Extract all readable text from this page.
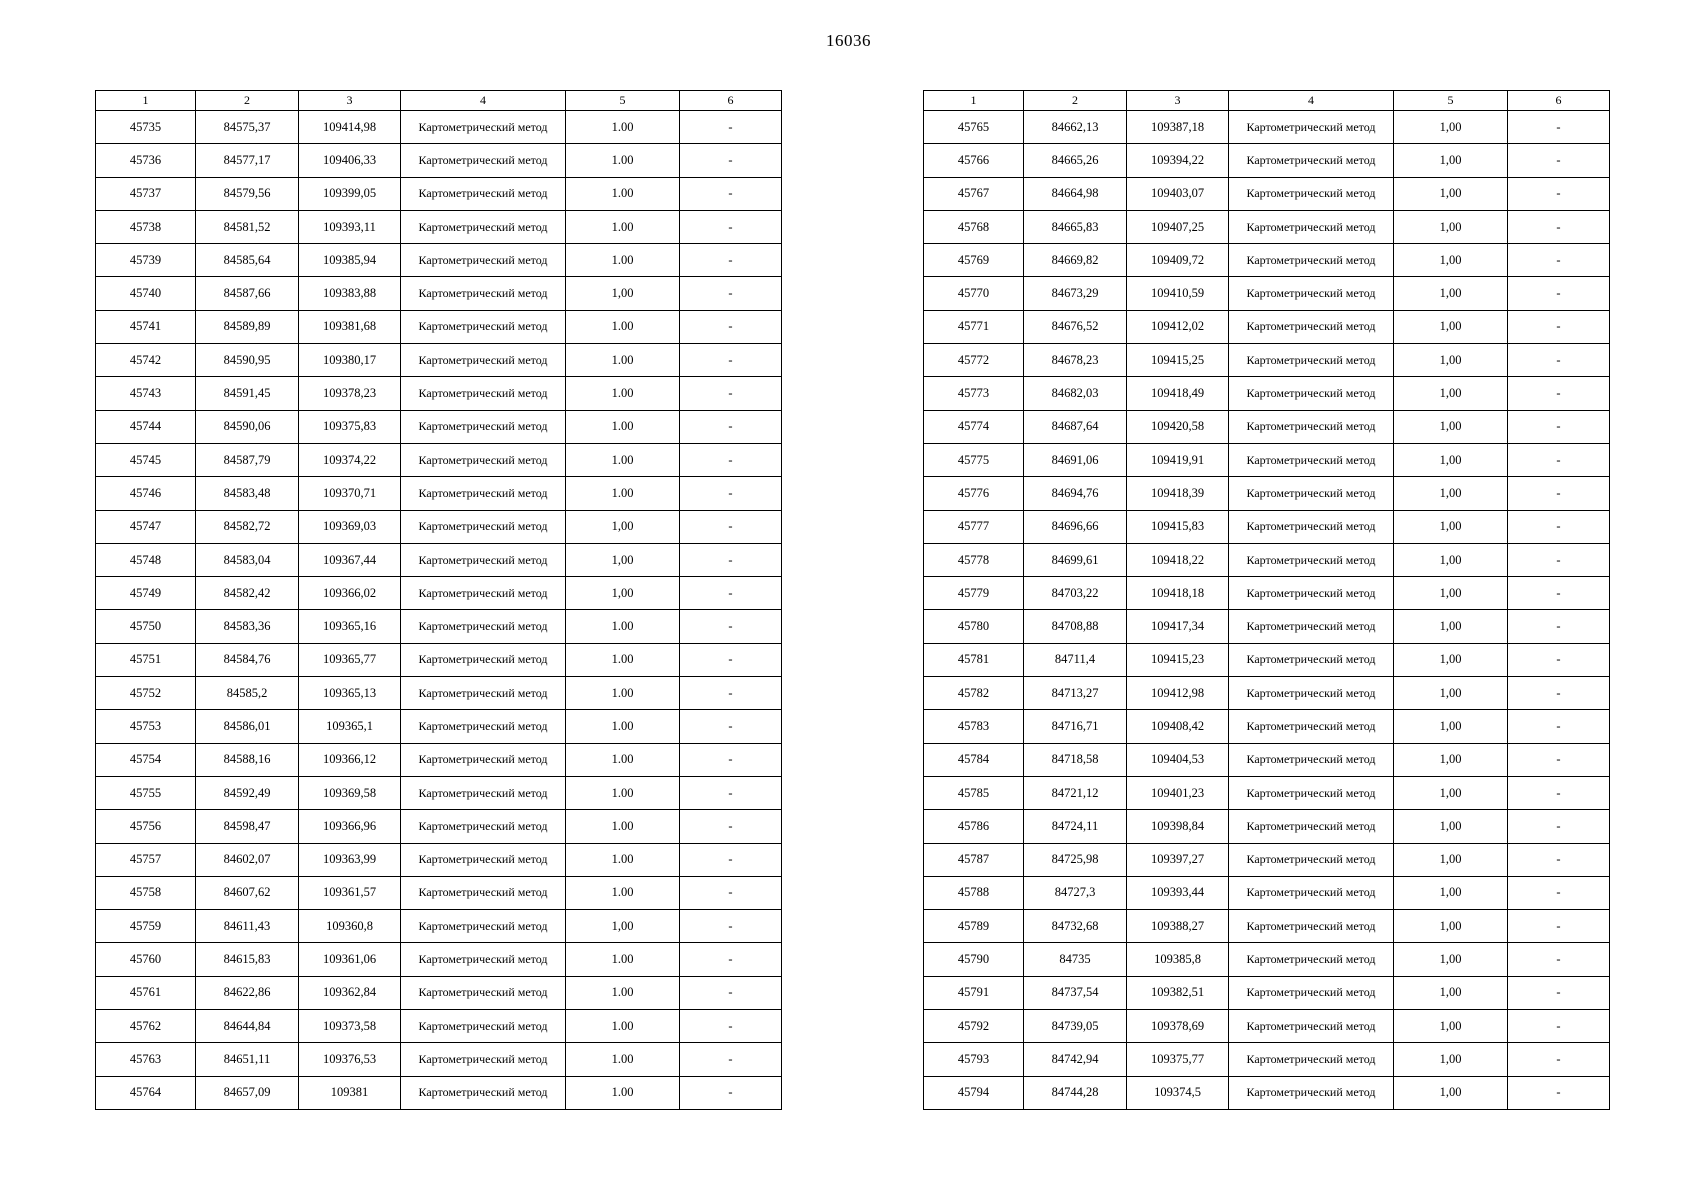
16036
1	2	3	4	5	6
45735	84575,37	109414,98	Картометрический метод	1.00	-
45736	84577,17	109406,33	Картометрический метод	1.00	-
45737	84579,56	109399,05	Картометрический метод	1.00	-
45738	84581,52	109393,11	Картометрический метод	1.00	-
45739	84585,64	109385,94	Картометрический метод	1.00	-
45740	84587,66	109383,88	Картометрический метод	1,00	-
45741	84589,89	109381,68	Картометрический метод	1.00	-
45742	84590,95	109380,17	Картометрический метод	1.00	-
45743	84591,45	109378,23	Картометрический метод	1.00	-
45744	84590,06	109375,83	Картометрический метод	1.00	-
45745	84587,79	109374,22	Картометрический метод	1.00	-
45746	84583,48	109370,71	Картометрический метод	1.00	-
45747	84582,72	109369,03	Картометрический метод	1,00	-
45748	84583,04	109367,44	Картометрический метод	1,00	-
45749	84582,42	109366,02	Картометрический метод	1,00	-
45750	84583,36	109365,16	Картометрический метод	1.00	-
45751	84584,76	109365,77	Картометрический метод	1.00	-
45752	84585,2	109365,13	Картометрический метод	1.00	-
45753	84586,01	109365,1	Картометрический метод	1.00	-
45754	84588,16	109366,12	Картометрический метод	1.00	-
45755	84592,49	109369,58	Картометрический метод	1.00	-
45756	84598,47	109366,96	Картометрический метод	1.00	-
45757	84602,07	109363,99	Картометрический метод	1.00	-
45758	84607,62	109361,57	Картометрический метод	1.00	-
45759	84611,43	109360,8	Картометрический метод	1,00	-
45760	84615,83	109361,06	Картометрический метод	1.00	-
45761	84622,86	109362,84	Картометрический метод	1.00	-
45762	84644,84	109373,58	Картометрический метод	1.00	-
45763	84651,11	109376,53	Картометрический метод	1.00	-
45764	84657,09	109381	Картометрический метод	1.00	-
1	2	3	4	5	6
45765	84662,13	109387,18	Картометрический метод	1,00	-
45766	84665,26	109394,22	Картометрический метод	1,00	-
45767	84664,98	109403,07	Картометрический метод	1,00	-
45768	84665,83	109407,25	Картометрический метод	1,00	-
45769	84669,82	109409,72	Картометрический метод	1,00	-
45770	84673,29	109410,59	Картометрический метод	1,00	-
45771	84676,52	109412,02	Картометрический метод	1,00	-
45772	84678,23	109415,25	Картометрический метод	1,00	-
45773	84682,03	109418,49	Картометрический метод	1,00	-
45774	84687,64	109420,58	Картометрический метод	1,00	-
45775	84691,06	109419,91	Картометрический метод	1,00	-
45776	84694,76	109418,39	Картометрический метод	1,00	-
45777	84696,66	109415,83	Картометрический метод	1,00	-
45778	84699,61	109418,22	Картометрический метод	1,00	-
45779	84703,22	109418,18	Картометрический метод	1,00	-
45780	84708,88	109417,34	Картометрический метод	1,00	-
45781	84711,4	109415,23	Картометрический метод	1,00	-
45782	84713,27	109412,98	Картометрический метод	1,00	-
45783	84716,71	109408,42	Картометрический метод	1,00	-
45784	84718,58	109404,53	Картометрический метод	1,00	-
45785	84721,12	109401,23	Картометрический метод	1,00	-
45786	84724,11	109398,84	Картометрический метод	1,00	-
45787	84725,98	109397,27	Картометрический метод	1,00	-
45788	84727,3	109393,44	Картометрический метод	1,00	-
45789	84732,68	109388,27	Картометрический метод	1,00	-
45790	84735	109385,8	Картометрический метод	1,00	-
45791	84737,54	109382,51	Картометрический метод	1,00	-
45792	84739,05	109378,69	Картометрический метод	1,00	-
45793	84742,94	109375,77	Картометрический метод	1,00	-
45794	84744,28	109374,5	Картометрический метод	1,00	-
